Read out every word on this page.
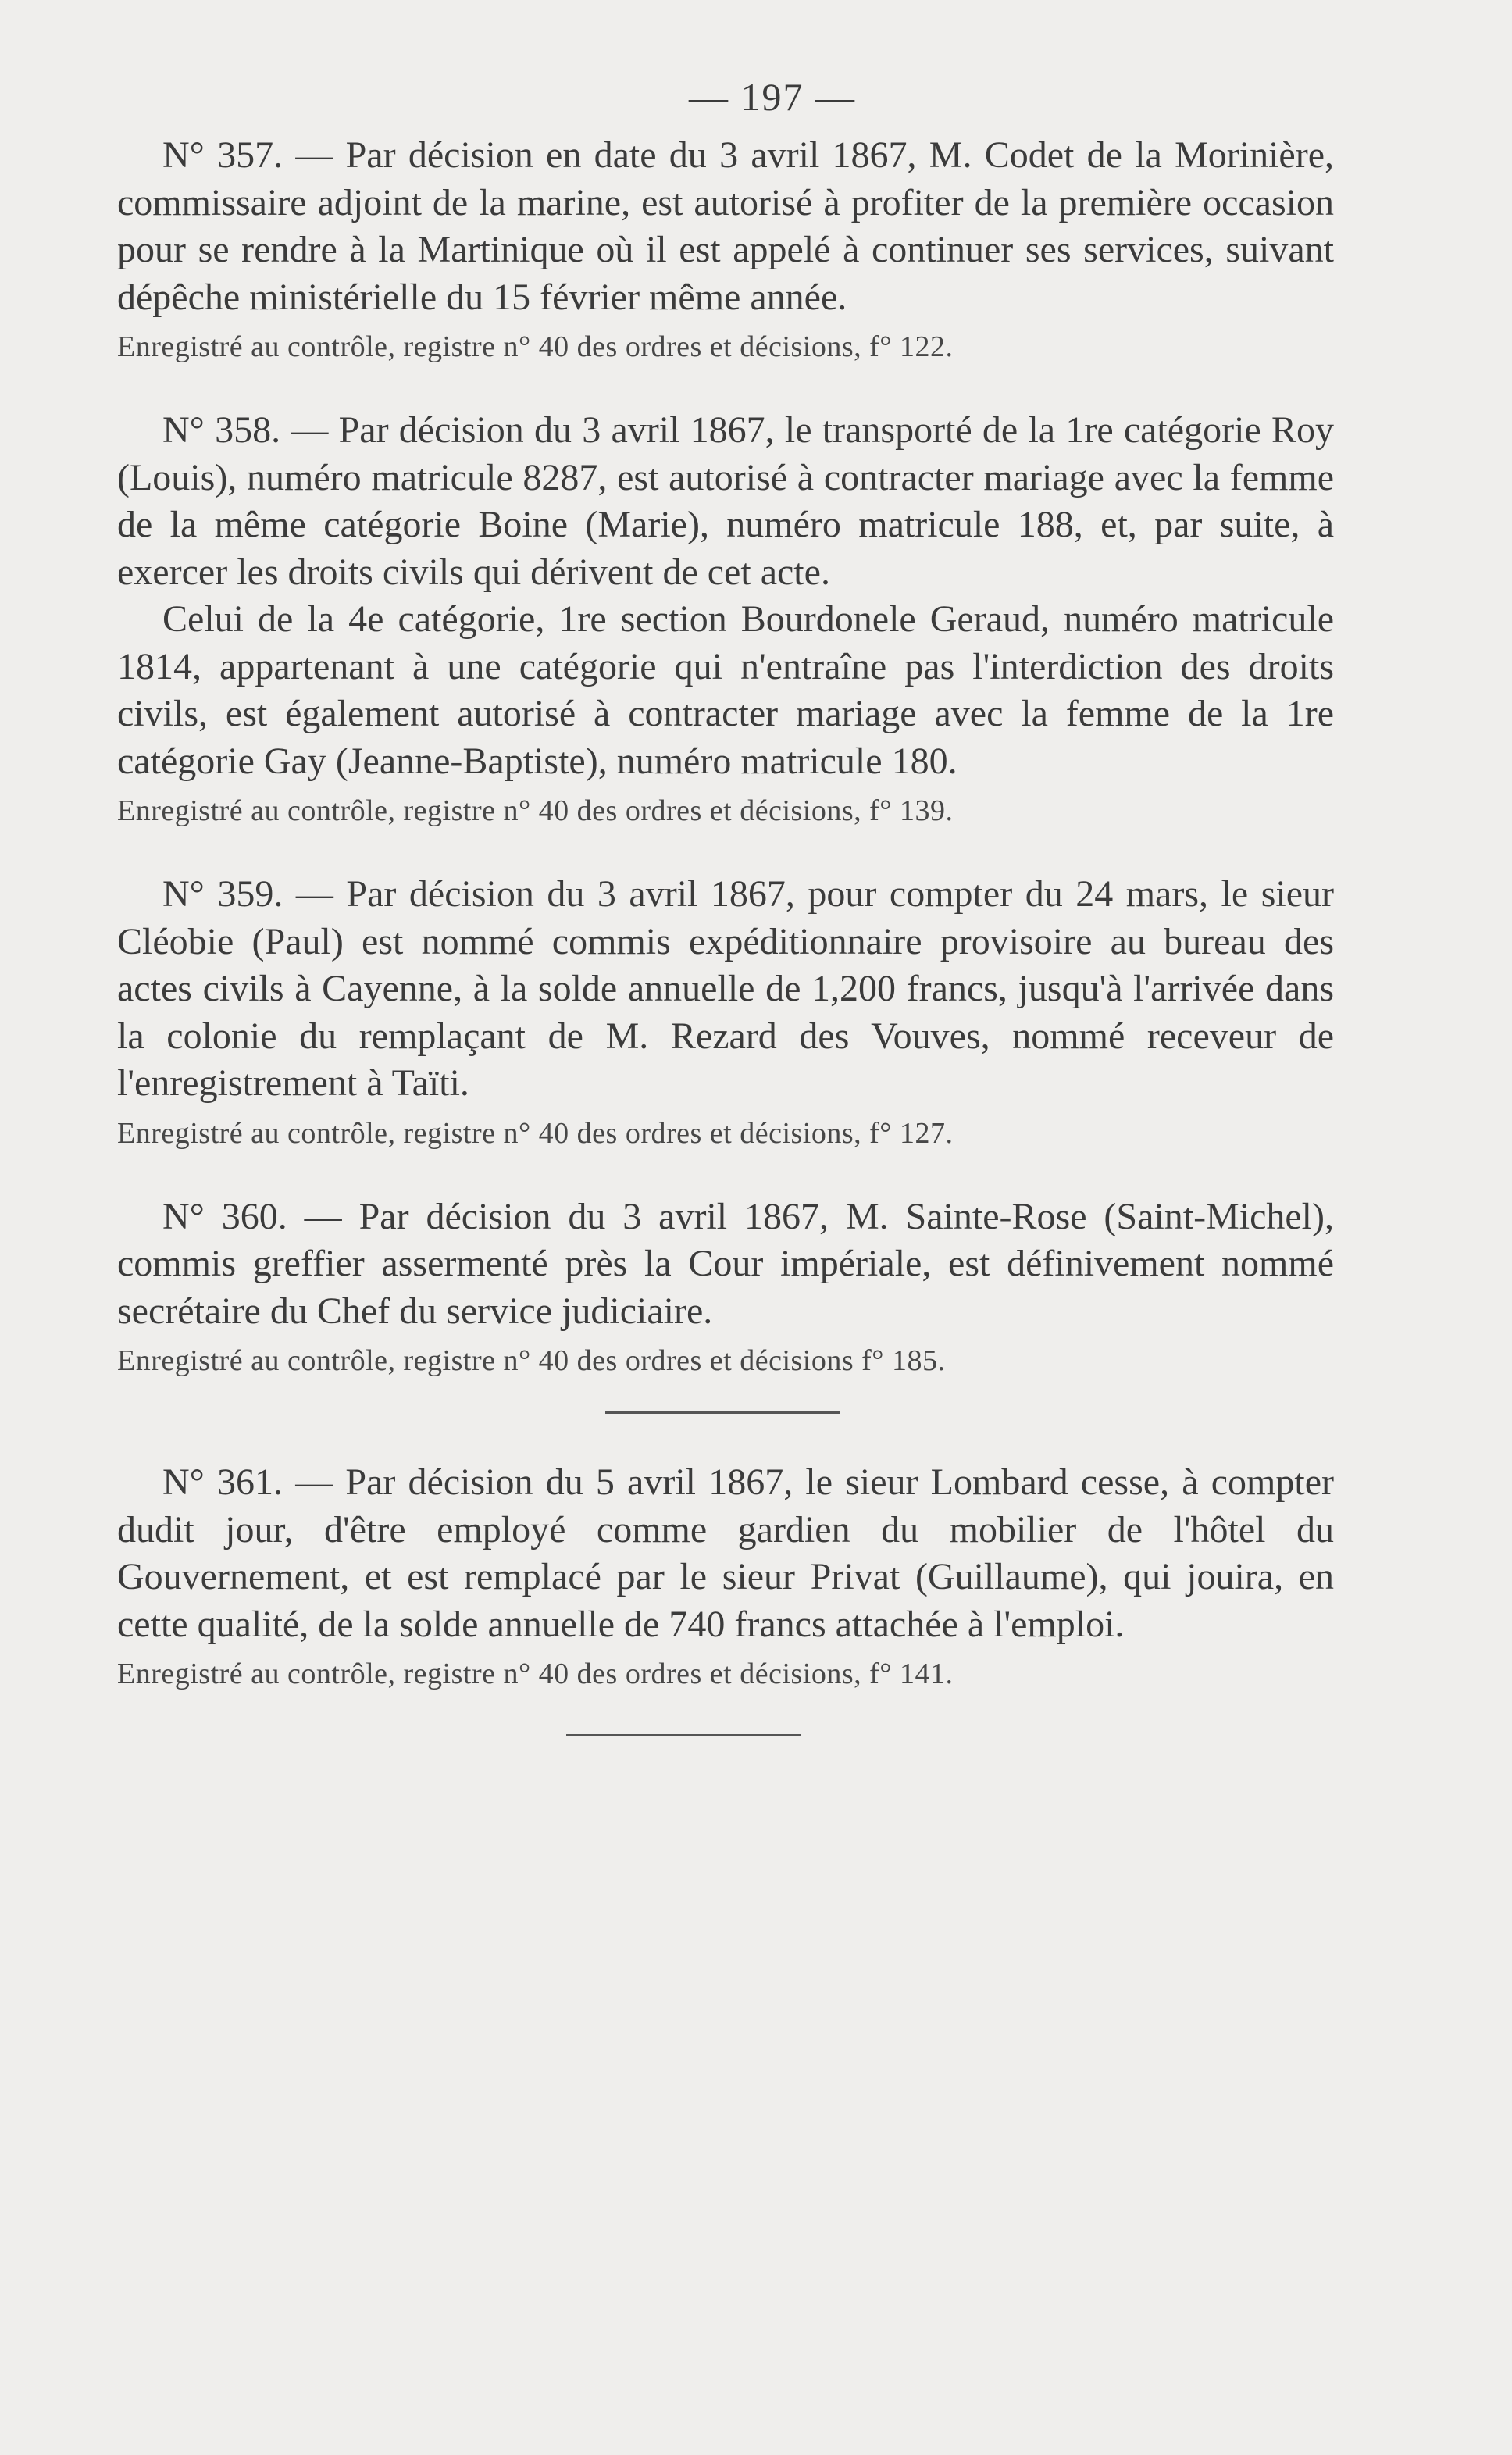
— 197 —

N° 357. — Par décision en date du 3 avril 1867, M. Codet de la Morinière, commissaire adjoint de la marine, est autorisé à profiter de la première occasion pour se rendre à la Martinique où il est appelé à continuer ses services, suivant dépêche ministérielle du 15 février même année.

Enregistré au contrôle, registre n° 40 des ordres et décisions, f° 122.

N° 358. — Par décision du 3 avril 1867, le transporté de la 1re catégorie Roy (Louis), numéro matricule 8287, est autorisé à contracter mariage avec la femme de la même catégorie Boine (Marie), numéro matricule 188, et, par suite, à exercer les droits civils qui dérivent de cet acte.

Celui de la 4e catégorie, 1re section Bourdonele Geraud, numéro matricule 1814, appartenant à une catégorie qui n'entraîne pas l'interdiction des droits civils, est également autorisé à contracter mariage avec la femme de la 1re catégorie Gay (Jeanne-Baptiste), numéro matricule 180.

Enregistré au contrôle, registre n° 40 des ordres et décisions, f° 139.

N° 359. — Par décision du 3 avril 1867, pour compter du 24 mars, le sieur Cléobie (Paul) est nommé commis expéditionnaire provisoire au bureau des actes civils à Cayenne, à la solde annuelle de 1,200 francs, jusqu'à l'arrivée dans la colonie du remplaçant de M. Rezard des Vouves, nommé receveur de l'enregistrement à Taïti.

Enregistré au contrôle, registre n° 40 des ordres et décisions, f° 127.

N° 360. — Par décision du 3 avril 1867, M. Sainte-Rose (Saint-Michel), commis greffier assermenté près la Cour impériale, est définivement nommé secrétaire du Chef du service judiciaire.

Enregistré au contrôle, registre n° 40 des ordres et décisions f° 185.

N° 361. — Par décision du 5 avril 1867, le sieur Lombard cesse, à compter dudit jour, d'être employé comme gardien du mobilier de l'hôtel du Gouvernement, et est remplacé par le sieur Privat (Guillaume), qui jouira, en cette qualité, de la solde annuelle de 740 francs attachée à l'emploi.

Enregistré au contrôle, registre n° 40 des ordres et décisions, f° 141.
